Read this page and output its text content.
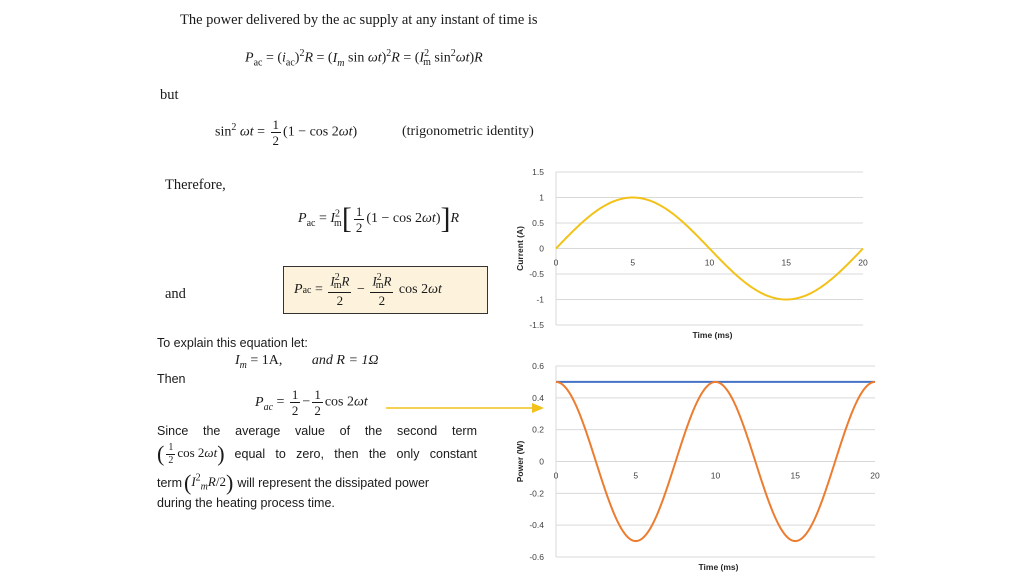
The power delivered by the ac supply at any instant of time is
$P_{ac} = (i_{ac})^2R = (I_m$ $\sin \omega t)^2R = (I^2_m$ $\sin^2\omega t)R$
but
$\sin^2 \omega t = \frac{1}{2} (1 - \cos 2\omega t)$	(trigonometric identity)
Therefore,
$P_{ac} = I^2_m[ \frac{1}{2} (1 - \cos 2\omega t)]R$
and	P ac = $\frac{I^2_mR}{2} - \frac{I^2_mR}{2}$ cos 2 ωt
To explain this equation let:
$I_m = 1A$, and R = 1Ω
Then
$P_{ac} = \frac{1}{2} - \frac{1}{2}$ cos 2ωt
Since the average value of the second term
( $\frac{1}{2}$ cos 2ωt) equal to zero, then the only constant
term $(I^2_mR/2)$ will represent the dissipated power
during the heating process time.
1.5
1
0.5
0
-0.5
-1
-1.5
0	5	10	15	20
Time (ms)
Current (A)
0.6
0.4
0.2
0
-0.2
-0.4
-0.6
0	5	10	15	20
Time (ms)
Power (W)
